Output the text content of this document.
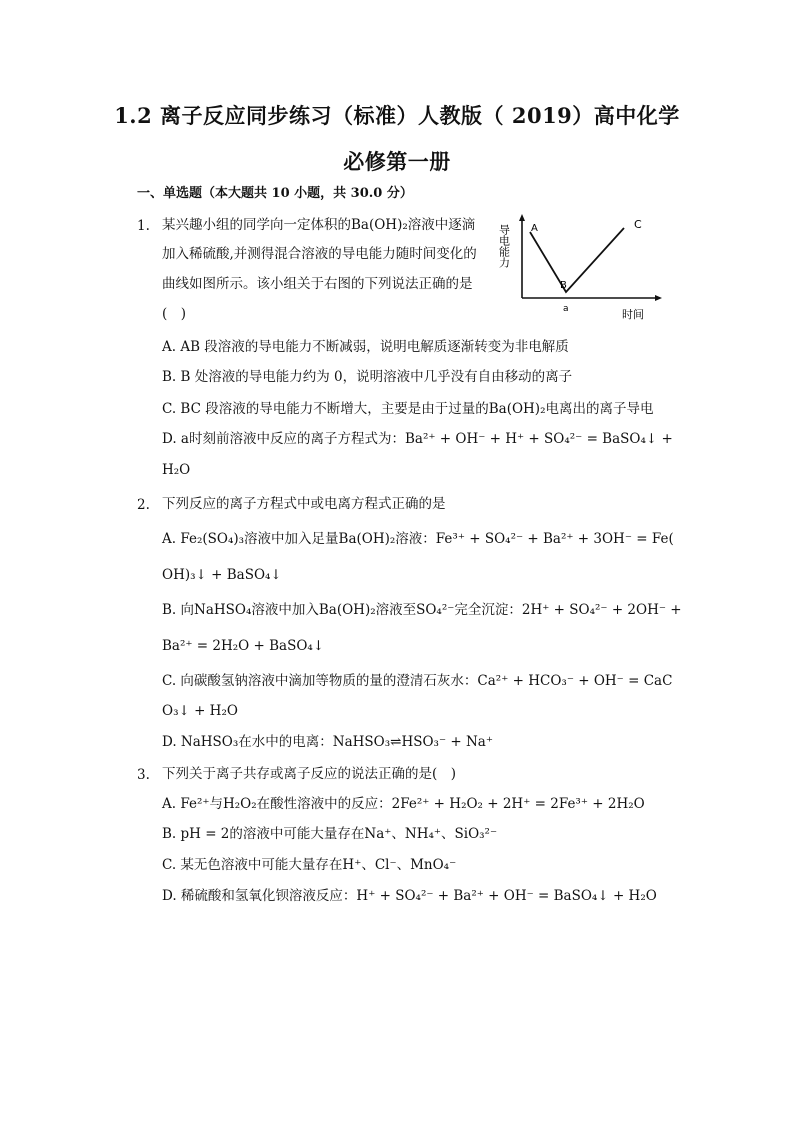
1.2 离子反应同步练习（标准）人教版（ 2019）高中化学
必修第一册
一、单选题（本大题共 10 小题，共 30.0 分）
1. 某兴趣小组的同学向一定体积的Ba(OH)₂溶液中逐滴
加入稀硫酸,并测得混合溶液的导电能力随时间变化的
曲线如图所示。该小组关于右图的下列说法正确的是
(　)
导电能力 A
B
C
a	时间
A. AB 段溶液的导电能力不断减弱，说明电解质逐渐转变为非电解质
B. B 处溶液的导电能力约为 0，说明溶液中几乎没有自由移动的离子
C. BC 段溶液的导电能力不断增大，主要是由于过量的Ba(OH)₂电离出的离子导电
D. a时刻前溶液中反应的离子方程式为：Ba²⁺ + OH⁻ + H⁺ + SO₄²⁻ = BaSO₄↓ +
H₂O
2. 下列反应的离子方程式中或电离方程式正确的是
A. Fe₂(SO₄)₃溶液中加入足量Ba(OH)₂溶液：Fe³⁺ + SO₄²⁻ + Ba²⁺ + 3OH⁻ = Fe(
OH)₃↓ + BaSO₄↓
B. 向NaHSO₄溶液中加入Ba(OH)₂溶液至SO₄²⁻完全沉淀：2H⁺ + SO₄²⁻ + 2OH⁻ +
Ba²⁺ = 2H₂O + BaSO₄↓
C. 向碳酸氢钠溶液中滴加等物质的量的澄清石灰水：Ca²⁺ + HCO₃⁻ + OH⁻ = CaC
O₃↓ + H₂O
D. NaHSO₃在水中的电离：NaHSO₃⇌HSO₃⁻ + Na⁺
3. 下列关于离子共存或离子反应的说法正确的是(　)
A. Fe²⁺与H₂O₂在酸性溶液中的反应：2Fe²⁺ + H₂O₂ + 2H⁺ = 2Fe³⁺ + 2H₂O
B. pH = 2的溶液中可能大量存在Na⁺、NH₄⁺、SiO₃²⁻
C. 某无色溶液中可能大量存在H⁺、Cl⁻、MnO₄⁻
D. 稀硫酸和氢氧化钡溶液反应：H⁺ + SO₄²⁻ + Ba²⁺ + OH⁻ = BaSO₄↓ + H₂O
